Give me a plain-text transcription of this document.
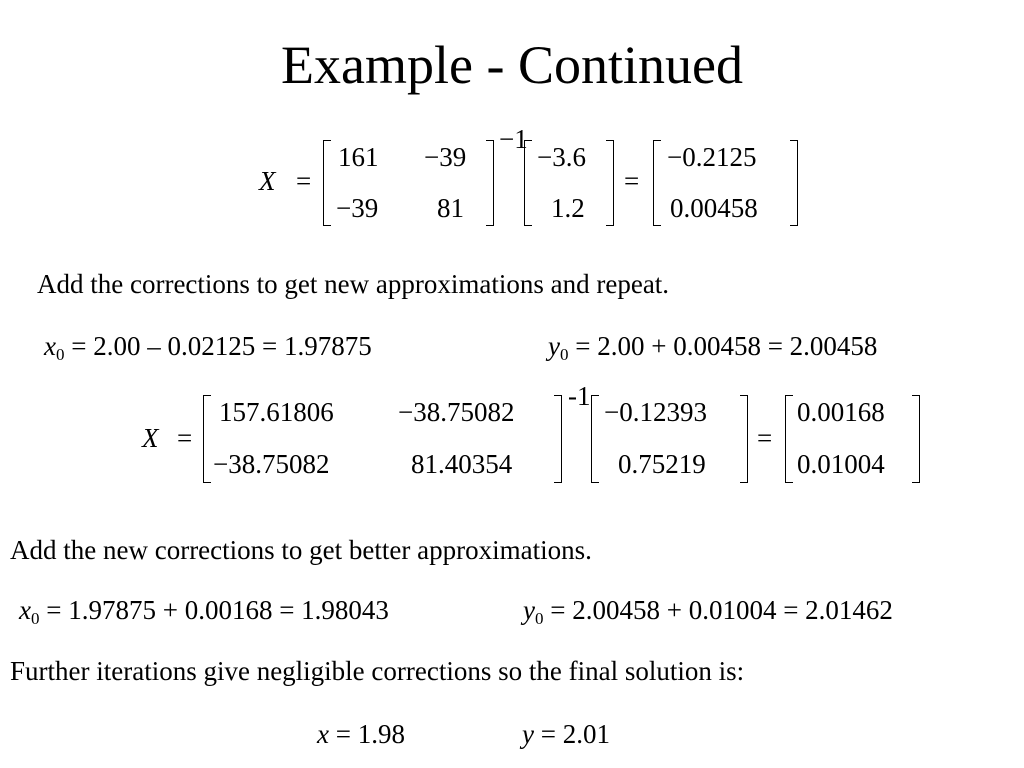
Example - Continued
X =
161 −39
−39 81
−1
−3.6
1.2
=
−0.2125
0.00458
Add the corrections to get new approximations and repeat.
$x_0 = 2.00 - 0.02125 = 1.97875$	$y_0 = 2.00 + 0.00458 = 2.00458$
X =
157.61806 −38.75082
−38.75082	81.40354
-1
−0.12393
0.75219
=
0.00168
0.01004
Add the new corrections to get better approximations.
$x_0 = 1.97875 + 0.00168 = 1.98043$	$y_0 = 2.00458 + 0.01004 = 2.01462$
Further iterations give negligible corrections so the final solution is:
x = 1.98	y = 2.01
